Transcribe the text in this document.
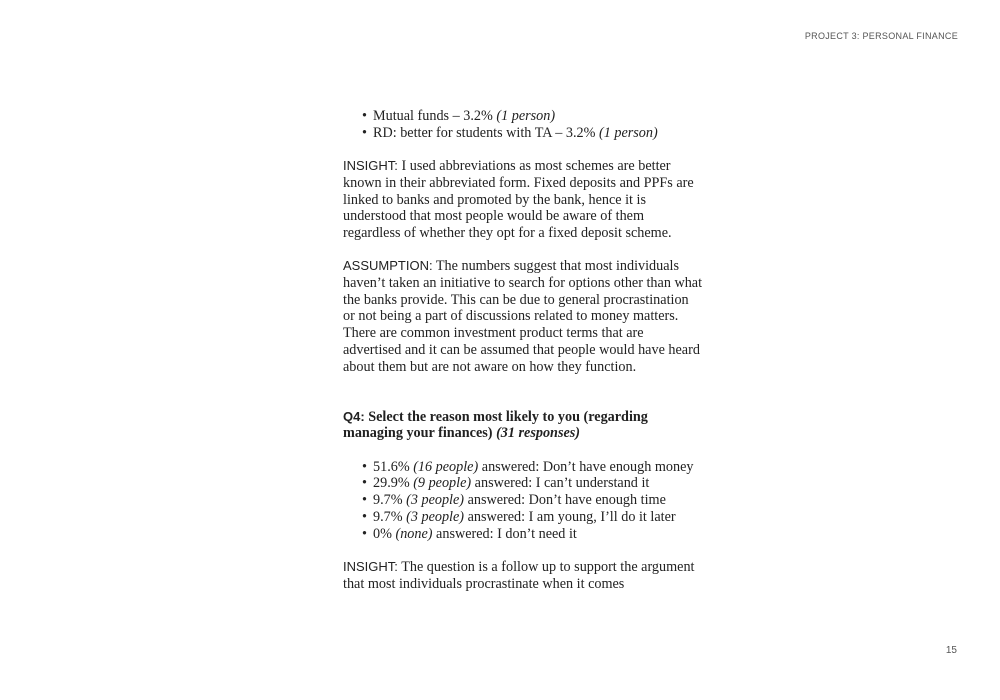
PROJECT 3: PERSONAL FINANCE
• Mutual funds – 3.2% (1 person)
• RD: better for students with TA – 3.2% (1 person)

INSIGHT: I used abbreviations as most schemes are better known in their abbreviated form. Fixed deposits and PPFs are linked to banks and promoted by the bank, hence it is understood that most people would be aware of them regardless of whether they opt for a fixed deposit scheme.

ASSUMPTION: The numbers suggest that most individuals haven’t taken an initiative to search for options other than what the banks provide. This can be due to general procrastination or not being a part of discussions related to money matters. There are common investment product terms that are advertised and it can be assumed that people would have heard about them but are not aware on how they function.

Q4: Select the reason most likely to you (regarding managing your finances) (31 responses)

• 51.6% (16 people) answered: Don’t have enough money
• 29.9% (9 people) answered: I can’t understand it
• 9.7% (3 people) answered: Don’t have enough time
• 9.7% (3 people) answered: I am young, I’ll do it later
• 0% (none) answered: I don’t need it

INSIGHT: The question is a follow up to support the argument that most individuals procrastinate when it comes

15
